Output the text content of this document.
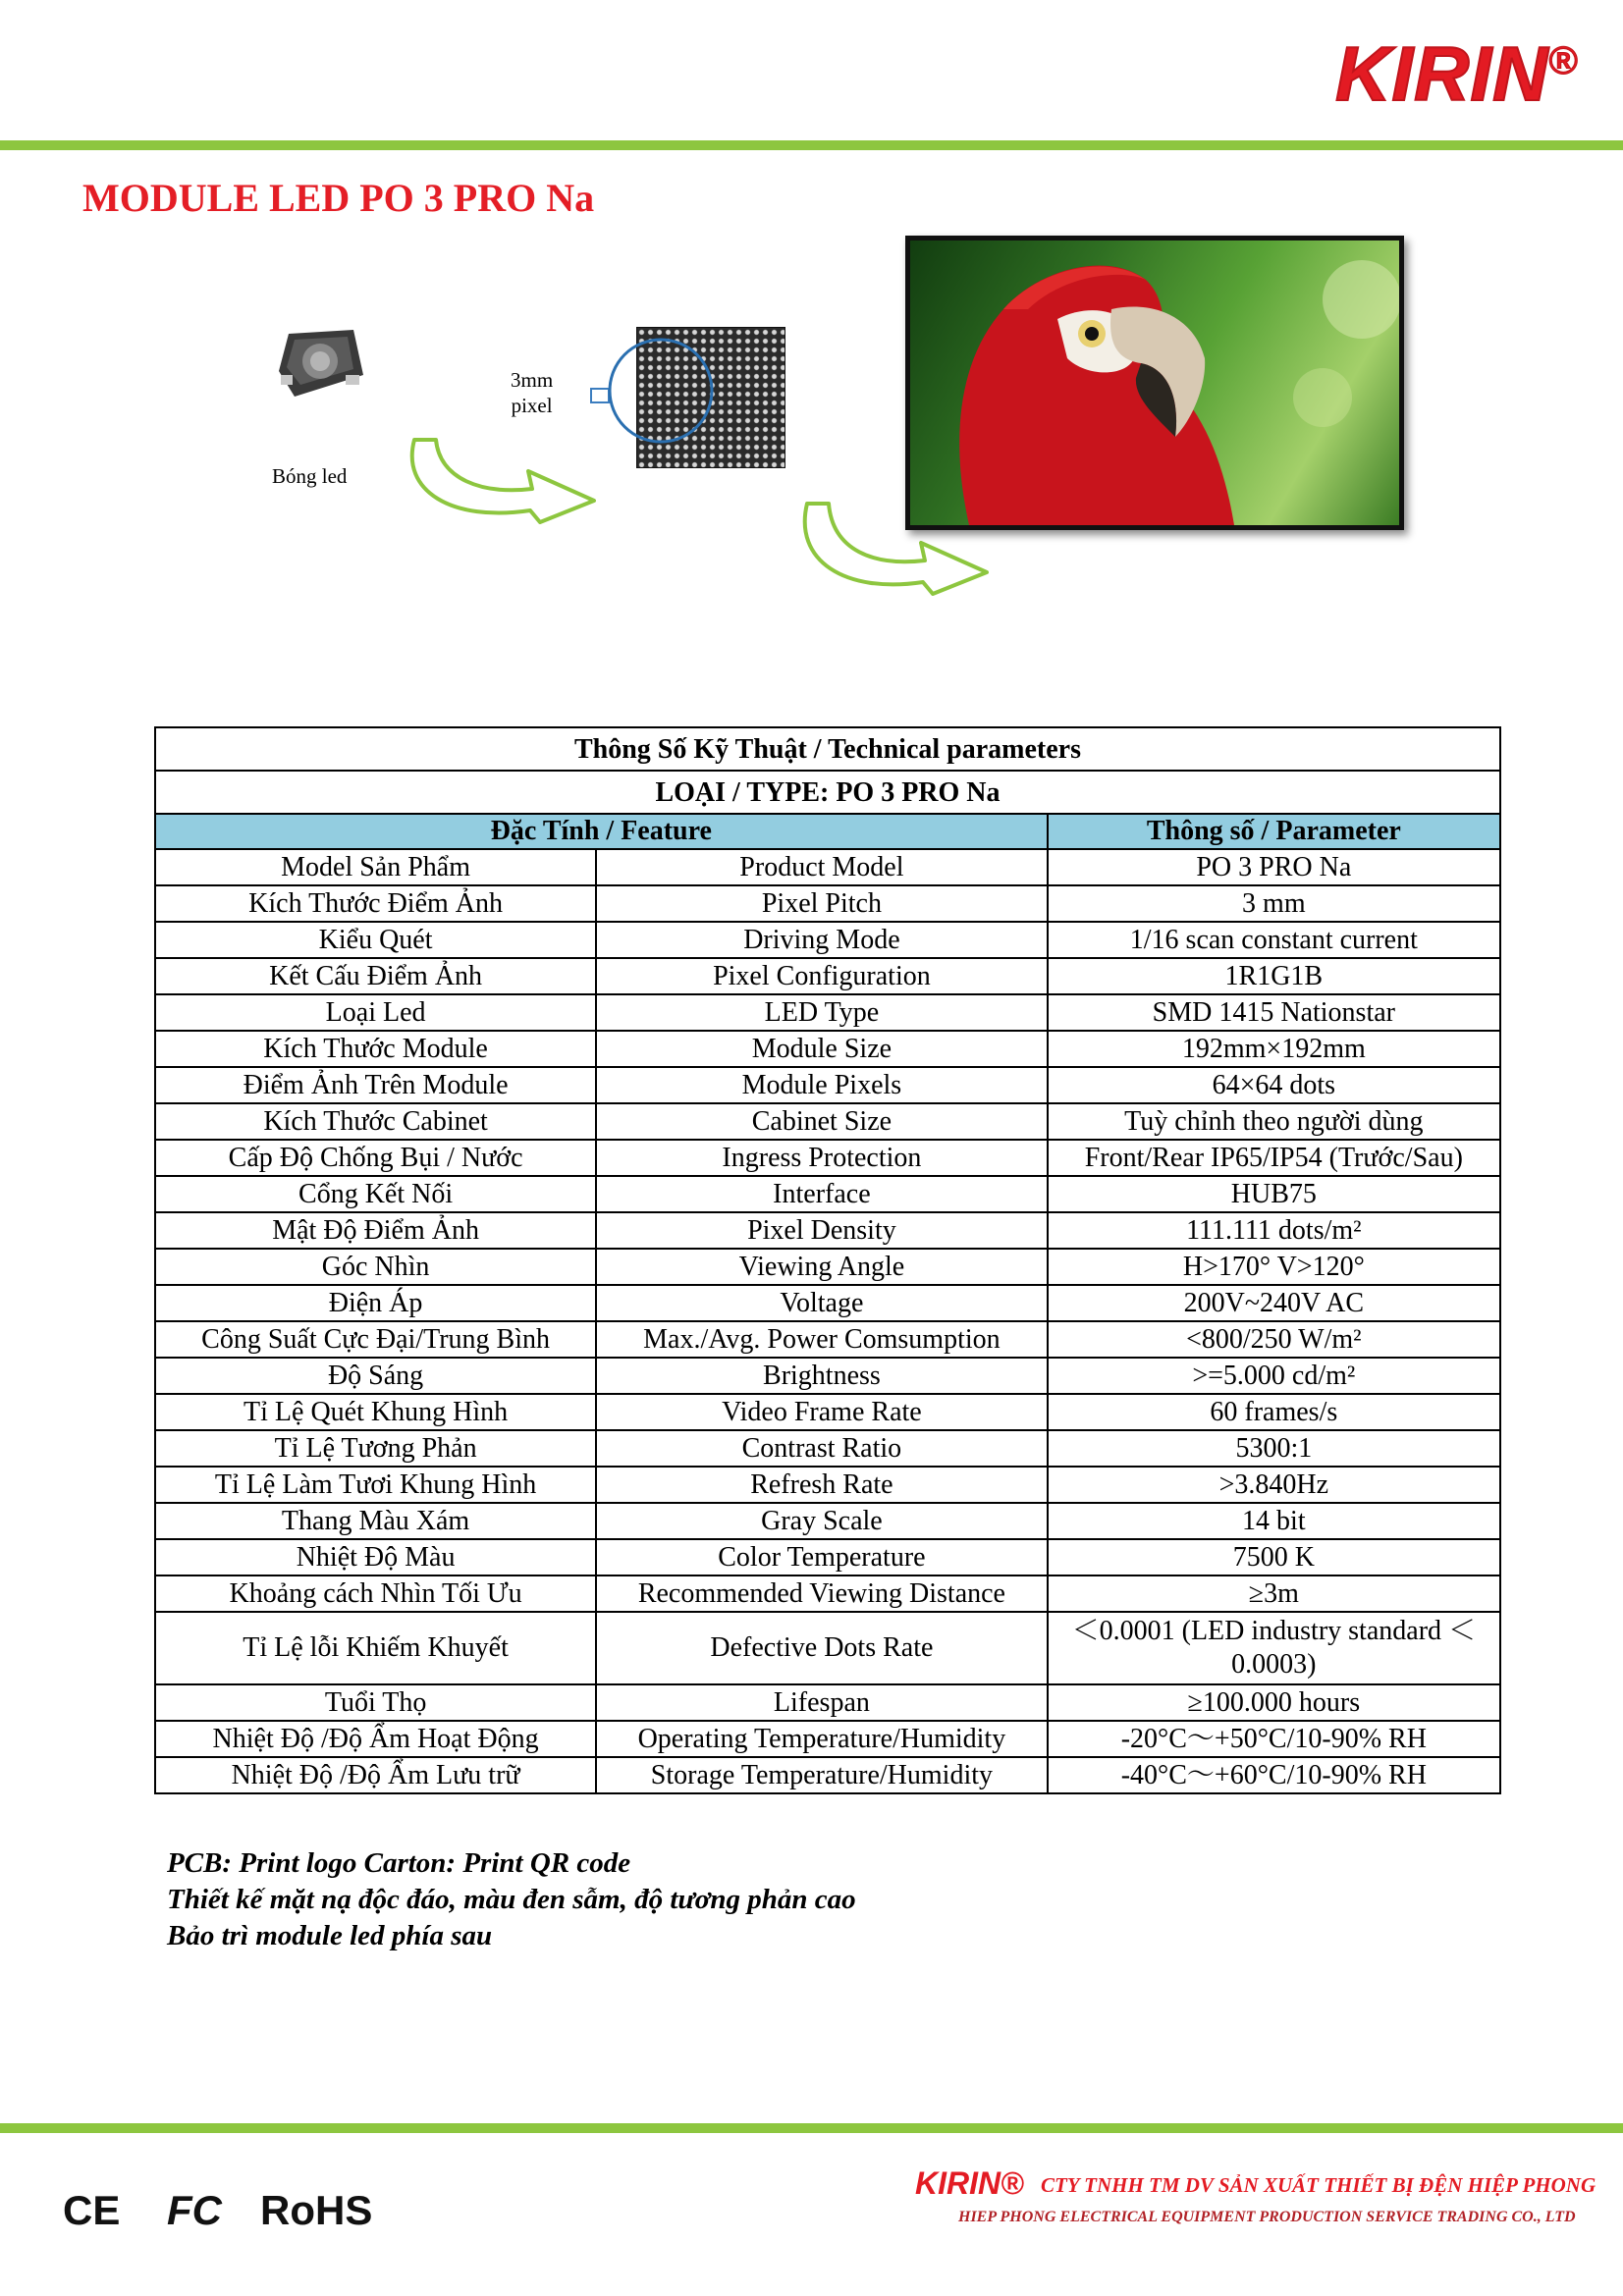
KIRIN®
MODULE LED PO 3 PRO Na
Bóng led
3mm
pixel
Thông Số Kỹ Thuật / Technical parameters		
LOẠI / TYPE: PO 3 PRO Na		
Đặc Tính / Feature		Thông số / Parameter
Model Sản Phẩm	Product Model	PO 3 PRO Na
Kích Thước Điểm Ảnh	Pixel Pitch	3 mm
Kiểu Quét	Driving Mode	1/16 scan constant current
Kết Cấu Điểm Ảnh	Pixel Configuration	1R1G1B
Loại Led	LED Type	SMD 1415 Nationstar
Kích Thước Module	Module Size	192mm×192mm
Điểm Ảnh Trên Module	Module Pixels	64×64 dots
Kích Thước Cabinet	Cabinet Size	Tuỳ chỉnh theo người dùng
Cấp Độ Chống Bụi / Nước	Ingress Protection	Front/Rear IP65/IP54 (Trước/Sau)
Cổng Kết Nối	Interface	HUB75
Mật Độ Điểm Ảnh	Pixel Density	111.111 dots/m²
Góc Nhìn	Viewing Angle	H>170° V>120°
Điện Áp	Voltage	200V~240V AC
Công Suất Cực Đại/Trung Bình	Max./Avg. Power Comsumption	<800/250 W/m²
Độ Sáng	Brightness	>=5.000 cd/m²
Tỉ Lệ Quét Khung Hình	Video Frame Rate	60 frames/s
Tỉ Lệ Tương Phản	Contrast Ratio	5300:1
Tỉ Lệ Làm Tươi Khung Hình	Refresh Rate	>3.840Hz
Thang Màu Xám	Gray Scale	14 bit
Nhiệt Độ Màu	Color Temperature	7500 K
Khoảng cách Nhìn Tối Ưu	Recommended Viewing Distance	≥3m
Tỉ Lệ lỗi Khiếm Khuyết	Defective Dots Rate	＜0.0001 (LED industry standard ＜0.0003)
Tuổi Thọ	Lifespan	≥100.000 hours
Nhiệt Độ /Độ Ẩm Hoạt Động	Operating Temperature/Humidity	-20°C～+50°C/10-90% RH
Nhiệt Độ /Độ Ẩm Lưu trữ	Storage Temperature/Humidity	-40°C～+60°C/10-90% RH
PCB: Print logo Carton: Print QR code
Thiết kế mặt nạ độc đáo, màu đen sẫm, độ tương phản cao
Bảo trì module led phía sau
CE FC RoHS
KIRIN® CTY TNHH TM DV SẢN XUẤT THIẾT BỊ ĐỆN HIỆP PHONG
HIEP PHONG ELECTRICAL EQUIPMENT PRODUCTION SERVICE TRADING CO., LTD
